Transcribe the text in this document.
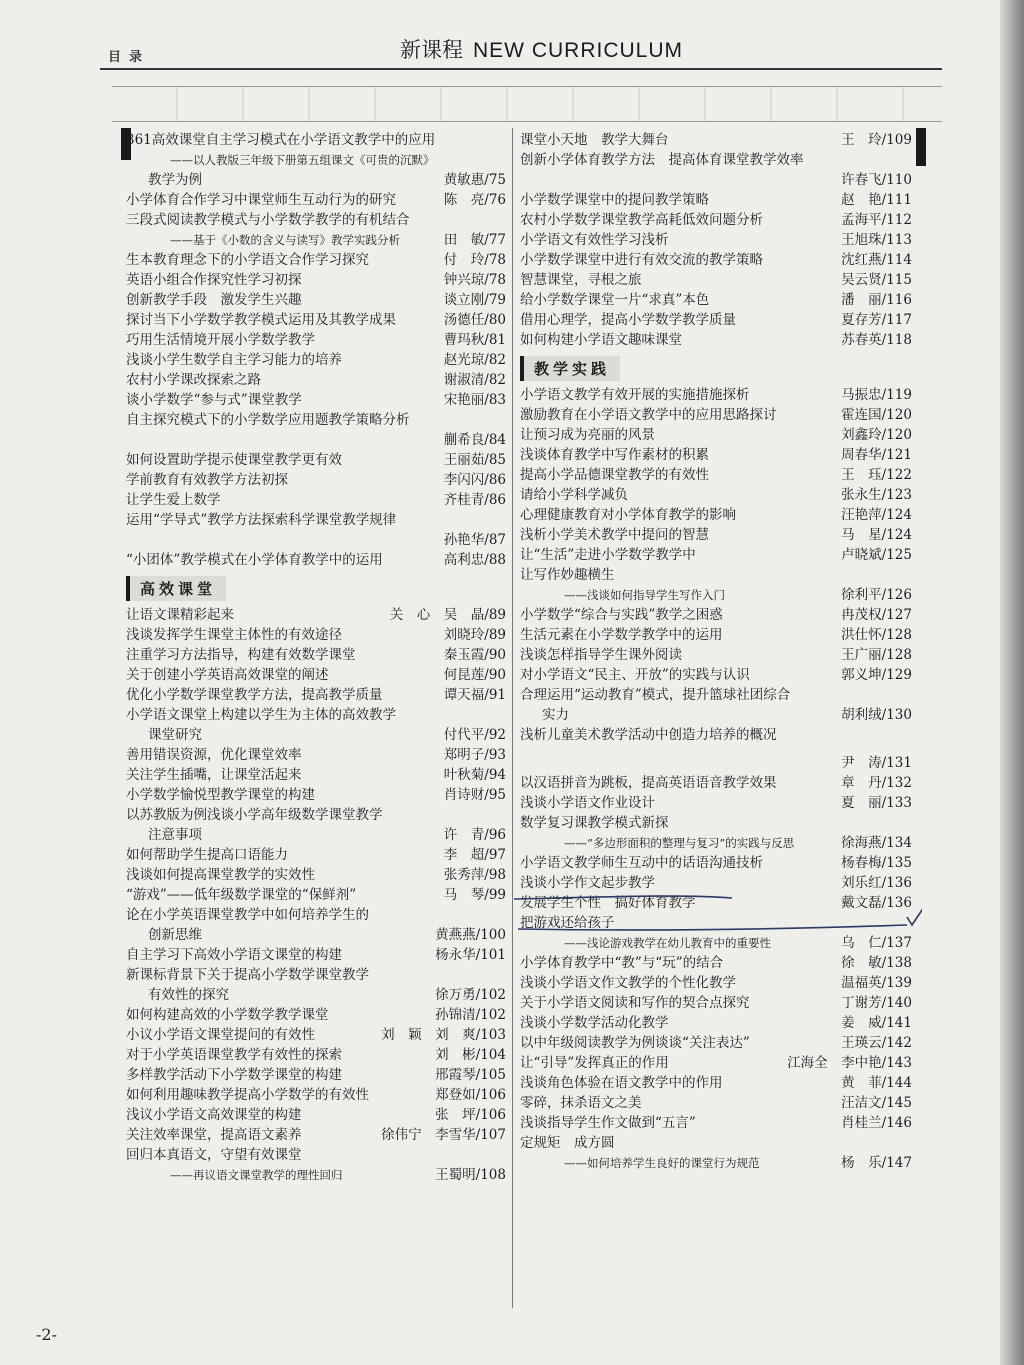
目录	新课程 NEW CURRICULUM
361高效课堂自主学习模式在小学语文教学中的应用
——以人教版三年级下册第五组课文《可贵的沉默》
教学为例	黄敏惠/75
小学体育合作学习中课堂师生互动行为的研究	陈　亮/76
三段式阅读教学模式与小学数学教学的有机结合
——基于《小数的含义与读写》教学实践分析	田　敏/77
生本教育理念下的小学语文合作学习探究	付　玲/78
英语小组合作探究性学习初探	钟兴琼/78
创新教学手段　激发学生兴趣	谈立刚/79
探讨当下小学数学教学模式运用及其教学成果	汤德任/80
巧用生活情境开展小学数学教学	曹玛秋/81
浅谈小学生数学自主学习能力的培养	赵光琼/82
农村小学课改探索之路	谢淑清/82
谈小学数学“参与式”课堂教学	宋艳丽/83
自主探究模式下的小学数学应用题教学策略分析
蒯希良/84
如何设置助学提示使课堂教学更有效	王丽茹/85
学前教育有效教学方法初探	李闪闪/86
让学生爱上数学	齐桂青/86
运用“学导式”教学方法探索科学课堂教学规律
孙艳华/87
“小团体”教学模式在小学体育教学中的运用	高利忠/88
高效课堂
让语文课精彩起来	关　心　吴　晶/89
浅谈发挥学生课堂主体性的有效途径	刘晓玲/89
注重学习方法指导，构建有效数学课堂	秦玉霞/90
关于创建小学英语高效课堂的阐述	何昆莲/90
优化小学数学课堂教学方法，提高教学质量	谭天福/91
小学语文课堂上构建以学生为主体的高效教学
课堂研究	付代平/92
善用错误资源，优化课堂效率	郑明子/93
关注学生插嘴，让课堂活起来	叶秋菊/94
小学数学愉悦型教学课堂的构建	肖诗财/95
以苏教版为例浅谈小学高年级数学课堂教学
注意事项	许　青/96
如何帮助学生提高口语能力	李　超/97
浅谈如何提高课堂教学的实效性	张秀萍/98
“游戏”——低年级数学课堂的“保鲜剂”	马　琴/99
论在小学英语课堂教学中如何培养学生的
创新思维	黄燕燕/100
自主学习下高效小学语文课堂的构建	杨永华/101
新课标背景下关于提高小学数学课堂教学
有效性的探究	徐万勇/102
如何构建高效的小学数学教学课堂	孙锦清/102
小议小学语文课堂提问的有效性	刘　颖　刘　爽/103
对于小学英语课堂教学有效性的探索	刘　彬/104
多样教学活动下小学数学课堂的构建	邢霞琴/105
如何利用趣味教学提高小学数学的有效性	郑登如/106
浅议小学语文高效课堂的构建	张　坪/106
关注效率课堂，提高语文素养	徐伟宁　李雪华/107
回归本真语文，守望有效课堂
——再议语文课堂教学的理性回归	王蜀明/108
课堂小天地　教学大舞台	王　玲/109
创新小学体育教学方法　提高体育课堂教学效率
许春飞/110
小学数学课堂中的提问教学策略	赵　艳/111
农村小学数学课堂教学高耗低效问题分析	孟海平/112
小学语文有效性学习浅析	王旭珠/113
小学数学课堂中进行有效交流的教学策略	沈红燕/114
智慧课堂，寻根之旅	吴云贤/115
给小学数学课堂一片“求真”本色	潘　丽/116
借用心理学，提高小学数学教学质量	夏存芳/117
如何构建小学语文趣味课堂	苏春英/118
教学实践
小学语文教学有效开展的实施措施探析	马振忠/119
激励教育在小学语文教学中的应用思路探讨	霍连国/120
让预习成为亮丽的风景	刘鑫玲/120
浅谈体育教学中写作素材的积累	周春华/121
提高小学品德课堂教学的有效性	王　珏/122
请给小学科学减负	张永生/123
心理健康教育对小学体育教学的影响	汪艳萍/124
浅析小学美术教学中提问的智慧	马　星/124
让“生活”走进小学数学教学中	卢晓斌/125
让写作妙趣横生
——浅谈如何指导学生写作入门	徐利平/126
小学数学“综合与实践”教学之困惑	冉茂权/127
生活元素在小学数学教学中的运用	洪仕怀/128
浅谈怎样指导学生课外阅读	王广丽/128
对小学语文“民主、开放”的实践与认识	郭义坤/129
合理运用“运动教育”模式，提升篮球社团综合
实力	胡利绒/130
浅析儿童美术教学活动中创造力培养的概况
尹　涛/131
以汉语拼音为跳板，提高英语语音教学效果	章　丹/132
浅谈小学语文作业设计	夏　丽/133
数学复习课教学模式新探
——“多边形面积的整理与复习”的实践与反思	徐海燕/134
小学语文教学师生互动中的话语沟通技析	杨春梅/135
浅谈小学作文起步教学	刘乐红/136
发展学生个性　搞好体育教学	戴文磊/136
把游戏还给孩子
——浅论游戏教学在幼儿教育中的重要性	乌　仁/137
小学体育教学中“教”与“玩”的结合	徐　敏/138
浅谈小学语文作文教学的个性化教学	温福英/139
关于小学语文阅读和写作的契合点探究	丁谢芳/140
浅谈小学数学活动化教学	姜　威/141
以中年级阅读教学为例谈谈“关注表达”	王瑛云/142
让“引导”发挥真正的作用	江海全　李中艳/143
浅谈角色体验在语文教学中的作用	黄　菲/144
零碎，抹杀语文之美	汪洁文/145
浅谈指导学生作文做到“五言”	肖桂兰/146
定规矩　成方圆
——如何培养学生良好的课堂行为规范	杨　乐/147
-2-
